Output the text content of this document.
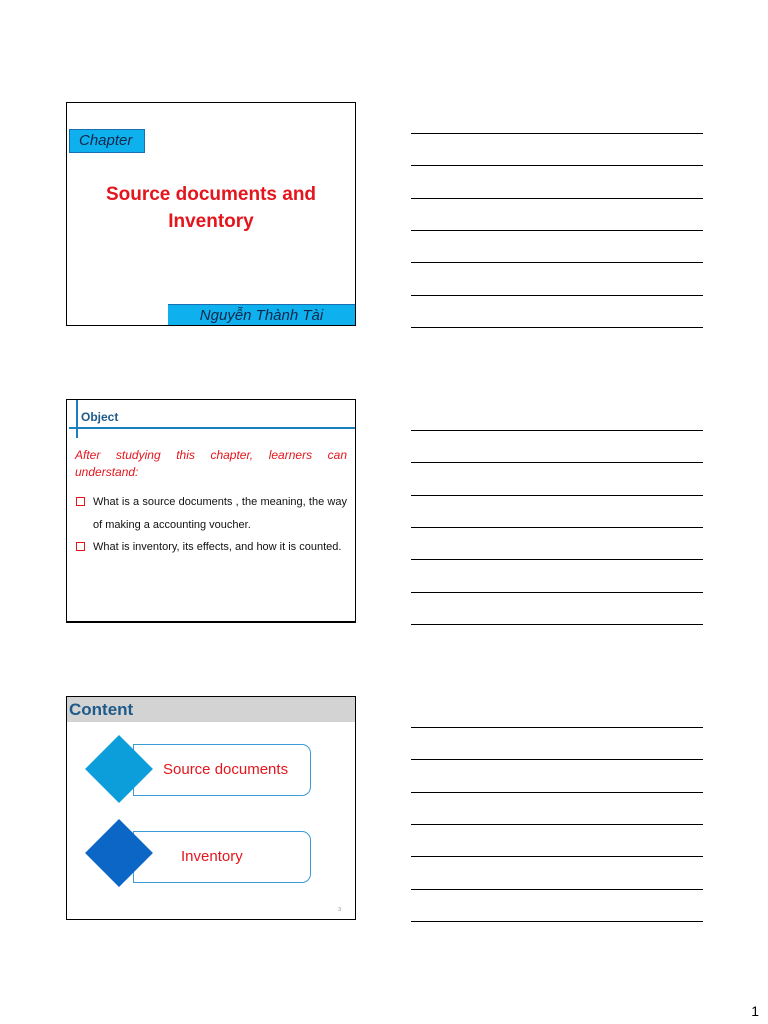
Chapter
Source documents and
Inventory
Nguyễn Thành Tài
Object

After studying this chapter, learners can understand:

What is a source documents , the meaning, the way of making a accounting voucher.
What is inventory, its effects, and how it is counted.
Content
Source documents
Inventory
3
1
